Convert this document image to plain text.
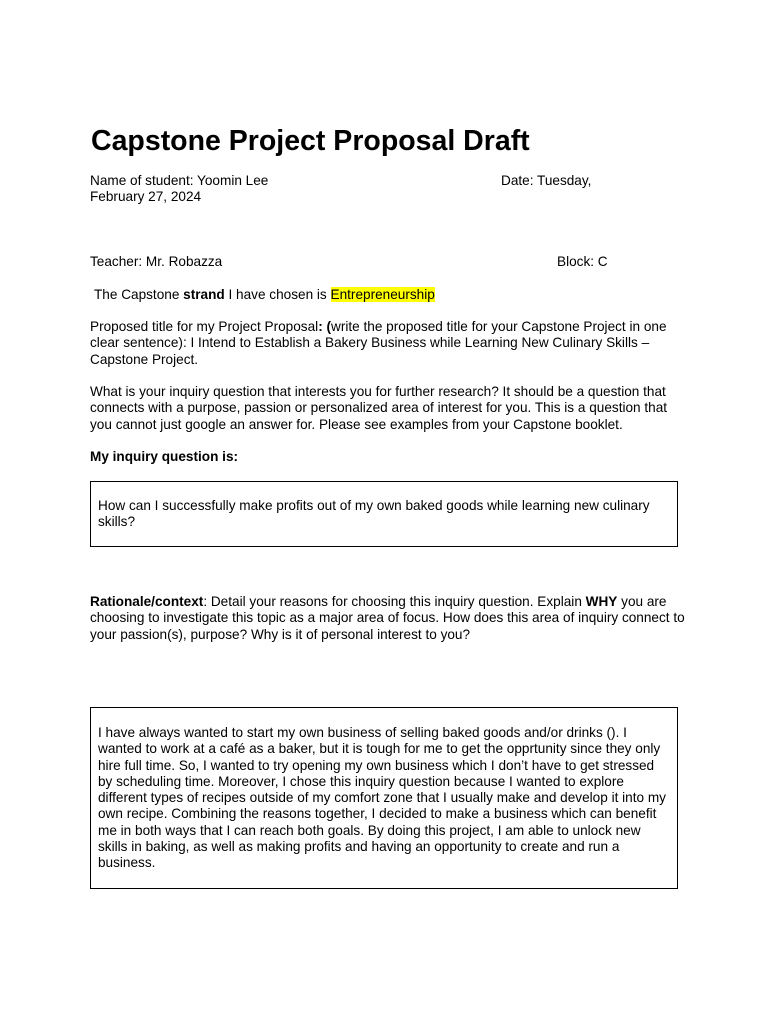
Capstone Project Proposal Draft
Name of student: Yoomin Lee	Date: Tuesday,
February 27, 2024
Teacher: Mr. Robazza	Block: C
The Capstone strand I have chosen is Entrepreneurship

Proposed title for my Project Proposal: (write the proposed title for your Capstone Project in one clear sentence): I Intend to Establish a Bakery Business while Learning New Culinary Skills – Capstone Project.

What is your inquiry question that interests you for further research? It should be a question that connects with a purpose, passion or personalized area of interest for you. This is a question that you cannot just google an answer for. Please see examples from your Capstone booklet.

My inquiry question is:

How can I successfully make profits out of my own baked goods while learning new culinary skills?

Rationale/context: Detail your reasons for choosing this inquiry question. Explain WHY you are choosing to investigate this topic as a major area of focus. How does this area of inquiry connect to your passion(s), purpose? Why is it of personal interest to you?

I have always wanted to start my own business of selling baked goods and/or drinks (). I wanted to work at a café as a baker, but it is tough for me to get the opprtunity since they only hire full time. So, I wanted to try opening my own business which I don’t have to get stressed by scheduling time. Moreover, I chose this inquiry question because I wanted to explore different types of recipes outside of my comfort zone that I usually make and develop it into my own recipe. Combining the reasons together, I decided to make a business which can benefit me in both ways that I can reach both goals. By doing this project, I am able to unlock new skills in baking, as well as making profits and having an opportunity to create and run a business.
